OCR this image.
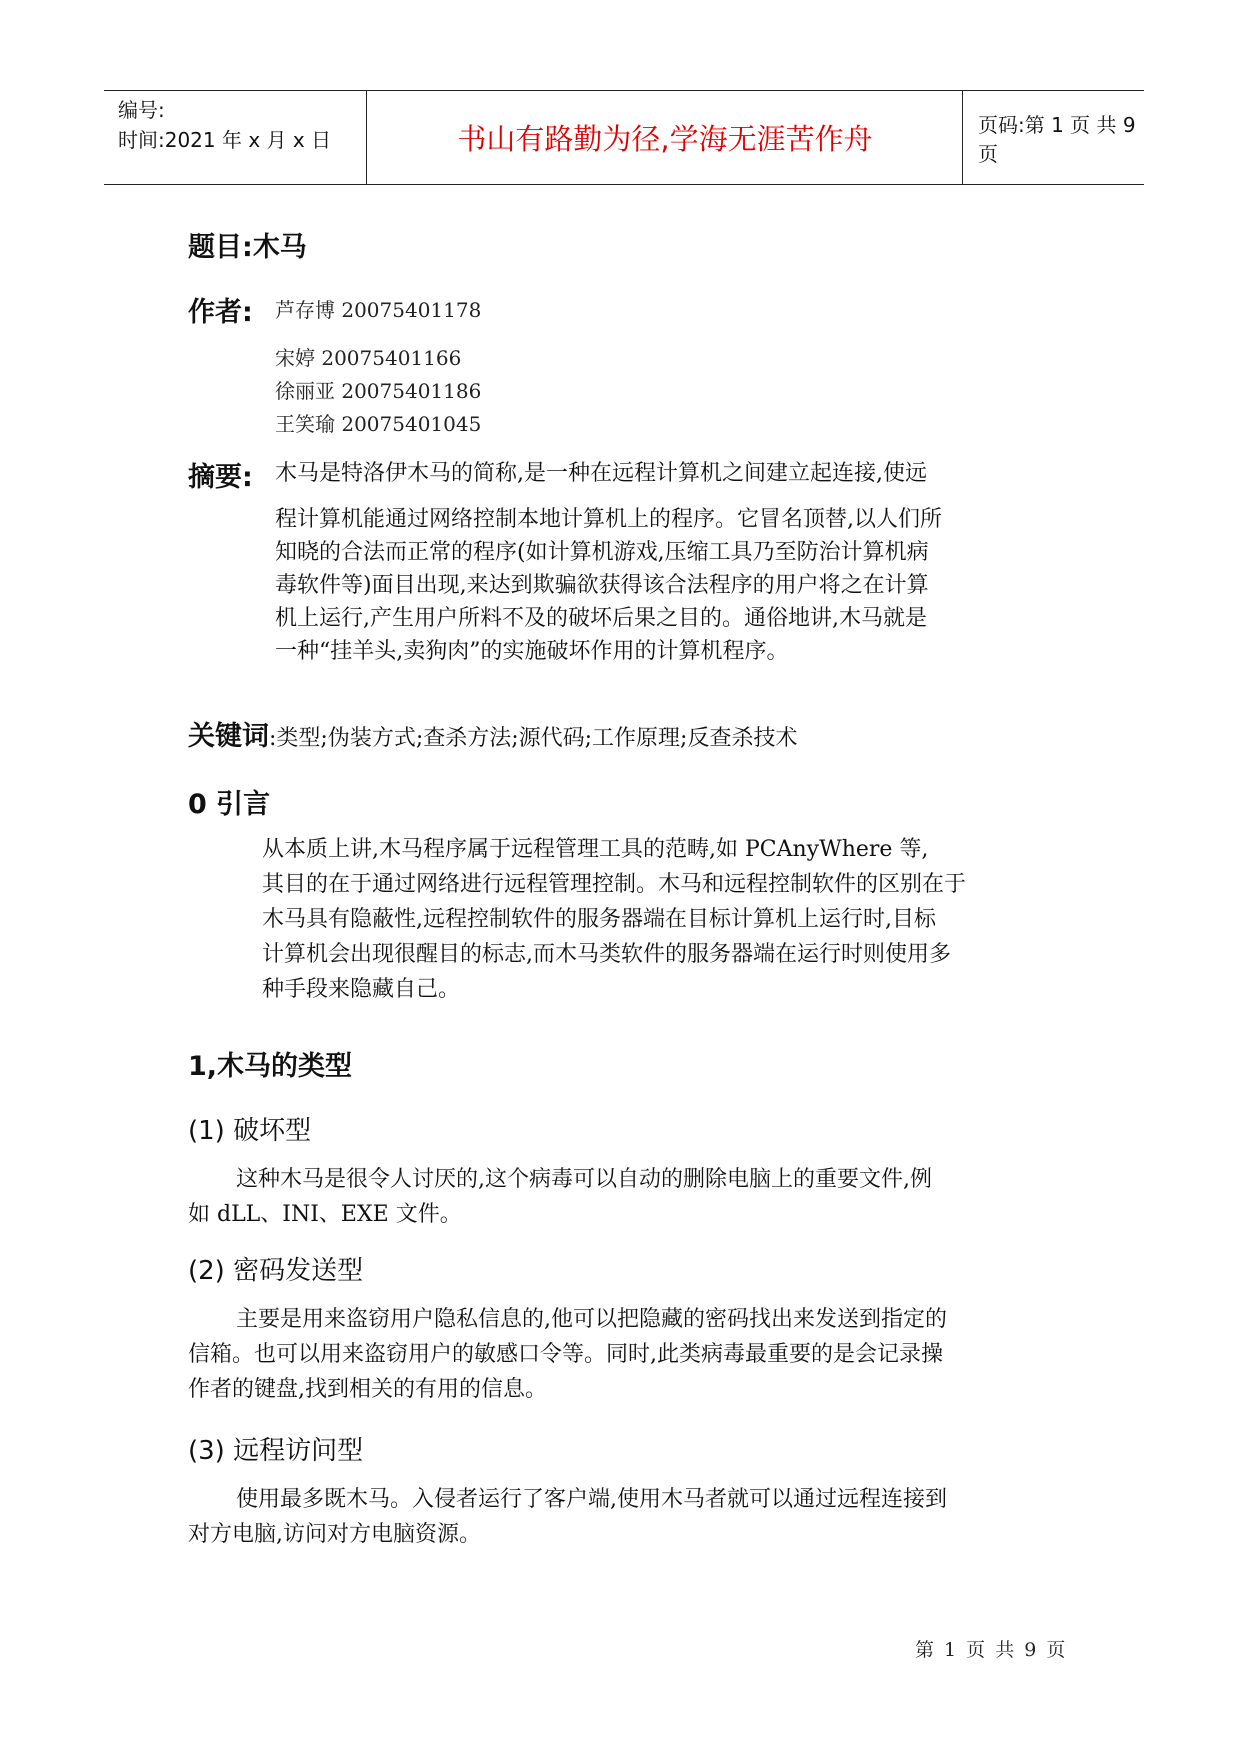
编号:
时间:2021 年 x 月 x 日	书山有路勤为径,学海无涯苦作舟	页码:第 1 页 共 9 页
题目:木马
作者: 芦存博 20075401178
宋婷 20075401166
徐丽亚 20075401186
王笑瑜 20075401045
摘要: 木马是特洛伊木马的简称,是一种在远程计算机之间建立起连接,使远
程计算机能通过网络控制本地计算机上的程序。它冒名顶替,以人们所
知晓的合法而正常的程序(如计算机游戏,压缩工具乃至防治计算机病
毒软件等)面目出现,来达到欺骗欲获得该合法程序的用户将之在计算
机上运行,产生用户所料不及的破坏后果之目的。通俗地讲,木马就是
一种“挂羊头,卖狗肉”的实施破坏作用的计算机程序。
关键词:类型;伪装方式;查杀方法;源代码;工作原理;反查杀技术
0 引言
从本质上讲,木马程序属于远程管理工具的范畴,如 PCAnyWhere 等,
其目的在于通过网络进行远程管理控制。木马和远程控制软件的区别在于
木马具有隐蔽性,远程控制软件的服务器端在目标计算机上运行时,目标
计算机会出现很醒目的标志,而木马类软件的服务器端在运行时则使用多
种手段来隐藏自己。
1,木马的类型
(1) 破坏型
这种木马是很令人讨厌的,这个病毒可以自动的删除电脑上的重要文件,例
如 dLL、INI、EXE 文件。
(2) 密码发送型
主要是用来盗窃用户隐私信息的,他可以把隐藏的密码找出来发送到指定的
信箱。也可以用来盗窃用户的敏感口令等。同时,此类病毒最重要的是会记录操
作者的键盘,找到相关的有用的信息。
(3) 远程访问型
使用最多既木马。入侵者运行了客户端,使用木马者就可以通过远程连接到
对方电脑,访问对方电脑资源。
第 1 页 共 9 页
